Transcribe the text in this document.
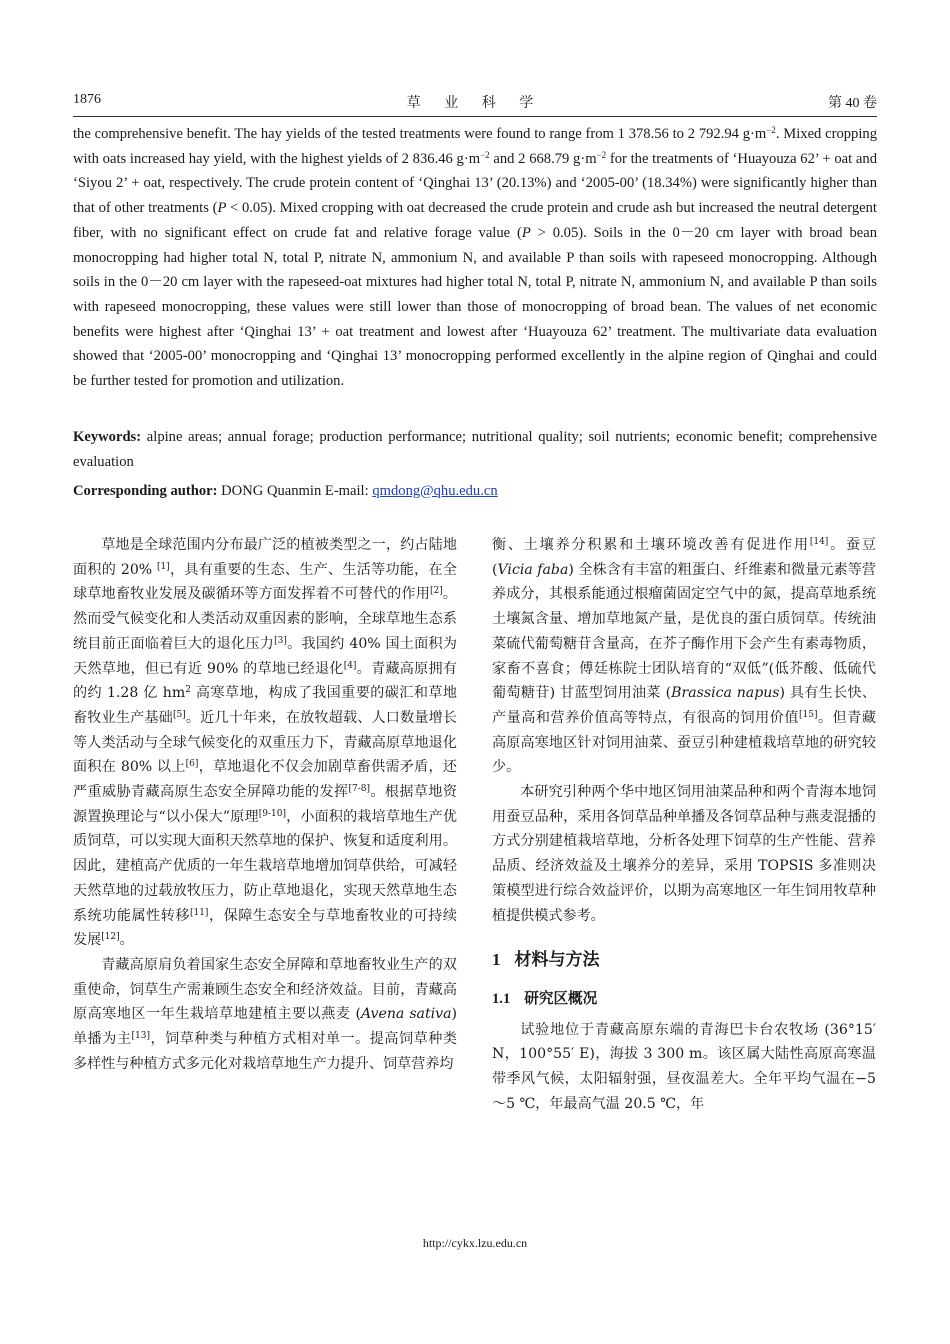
1876	草 业 科 学	第 40 卷

the comprehensive benefit. The hay yields of the tested treatments were found to range from 1 378.56 to 2 792.94 $g\cdot m^{-2}$. Mixed cropping with oats increased hay yield, with the highest yields of 2 836.46 $g\cdot m^{-2}$ and 2 668.79 $g\cdot m^{-2}$ for the treatments of ‘Huayouza 62’ + oat and ‘Siyou 2’ + oat, respectively. The crude protein content of ‘Qinghai 13’ (20.13%) and ‘2005-00’ (18.34%) were significantly higher than that of other treatments (P < 0.05). Mixed cropping with oat decreased the crude protein and crude ash but increased the neutral detergent fiber, with no significant effect on crude fat and relative forage value (P > 0.05). Soils in the 0－20 cm layer with broad bean monocropping had higher total N, total P, nitrate N, ammonium N, and available P than soils with rapeseed monocropping. Although soils in the 0－20 cm layer with the rapeseed-oat mixtures had higher total N, total P, nitrate N, ammonium N, and available P than soils with rapeseed monocropping, these values were still lower than those of monocropping of broad bean. The values of net economic benefits were highest after ‘Qinghai 13’ + oat treatment and lowest after ‘Huayouza 62’ treatment. The multivariate data evaluation showed that ‘2005-00’ monocropping and ‘Qinghai 13’ monocropping performed excellently in the alpine region of Qinghai and could be further tested for promotion and utilization.

Keywords: alpine areas; annual forage; production performance; nutritional quality; soil nutrients; economic benefit; comprehensive evaluation

Corresponding author: DONG Quanmin E-mail: qmdong@qhu.edu.cn

草地是全球范围内分布最广泛的植被类型之一，约占陆地面积的 20% [1]，具有重要的生态、生产、生活等功能，在全球草地畜牧业发展及碳循环等方面发挥着不可替代的作用[2]。然而受气候变化和人类活动双重因素的影响，全球草地生态系统目前正面临着巨大的退化压力[3]。我国约 40% 国土面积为天然草地，但已有近 90% 的草地已经退化[4]。青藏高原拥有的约 1.28 亿 $hm^2$ 高寒草地，构成了我国重要的碳汇和草地畜牧业生产基础[5]。近几十年来，在放牧超载、人口数量增长等人类活动与全球气候变化的双重压力下，青藏高原草地退化面积在 80% 以上[6]，草地退化不仅会加剧草畜供需矛盾，还严重威胁青藏高原生态安全屏障功能的发挥[7-8]。根据草地资源置换理论与“以小保大”原理[9-10]，小面积的栽培草地生产优质饲草，可以实现大面积天然草地的保护、恢复和适度利用。因此，建植高产优质的一年生栽培草地增加饲草供给，可减轻天然草地的过载放牧压力，防止草地退化，实现天然草地生态系统功能属性转移[11]，保障生态安全与草地畜牧业的可持续发展[12]。

青藏高原肩负着国家生态安全屏障和草地畜牧业生产的双重使命，饲草生产需兼顾生态安全和经济效益。目前，青藏高原高寒地区一年生栽培草地建植主要以燕麦 (Avena sativa) 单播为主[13]，饲草种类与种植方式相对单一。提高饲草种类多样性与种植方式多元化对栽培草地生产力提升、饲草营养均

衡、土壤养分积累和土壤环境改善有促进作用[14]。蚕豆 (Vicia faba) 全株含有丰富的粗蛋白、纤维素和微量元素等营养成分，其根系能通过根瘤菌固定空气中的氮，提高草地系统土壤氮含量、增加草地氮产量，是优良的蛋白质饲草。传统油菜硫代葡萄糖苷含量高，在芥子酶作用下会产生有素毒物质，家畜不喜食；傅廷栋院士团队培育的“双低”(低芥酸、低硫代葡萄糖苷) 甘蓝型饲用油菜 (Brassica napus) 具有生长快、产量高和营养价值高等特点，有很高的饲用价值[15]。但青藏高原高寒地区针对饲用油菜、蚕豆引种建植栽培草地的研究较少。

本研究引种两个华中地区饲用油菜品种和两个青海本地饲用蚕豆品种，采用各饲草品种单播及各饲草品种与燕麦混播的方式分别建植栽培草地，分析各处理下饲草的生产性能、营养品质、经济效益及土壤养分的差异，采用 TOPSIS 多准则决策模型进行综合效益评价，以期为高寒地区一年生饲用牧草种植提供模式参考。

1 材料与方法
1.1 研究区概况

试验地位于青藏高原东端的青海巴卡台农牧场 (36°15′ N，100°55′ E)，海拔 3 300 m。该区属大陆性高原高寒温带季风气候，太阳辐射强，昼夜温差大。全年平均气温在−5～5 ℃，年最高气温 20.5 ℃，年

http://cykx.lzu.edu.cn
